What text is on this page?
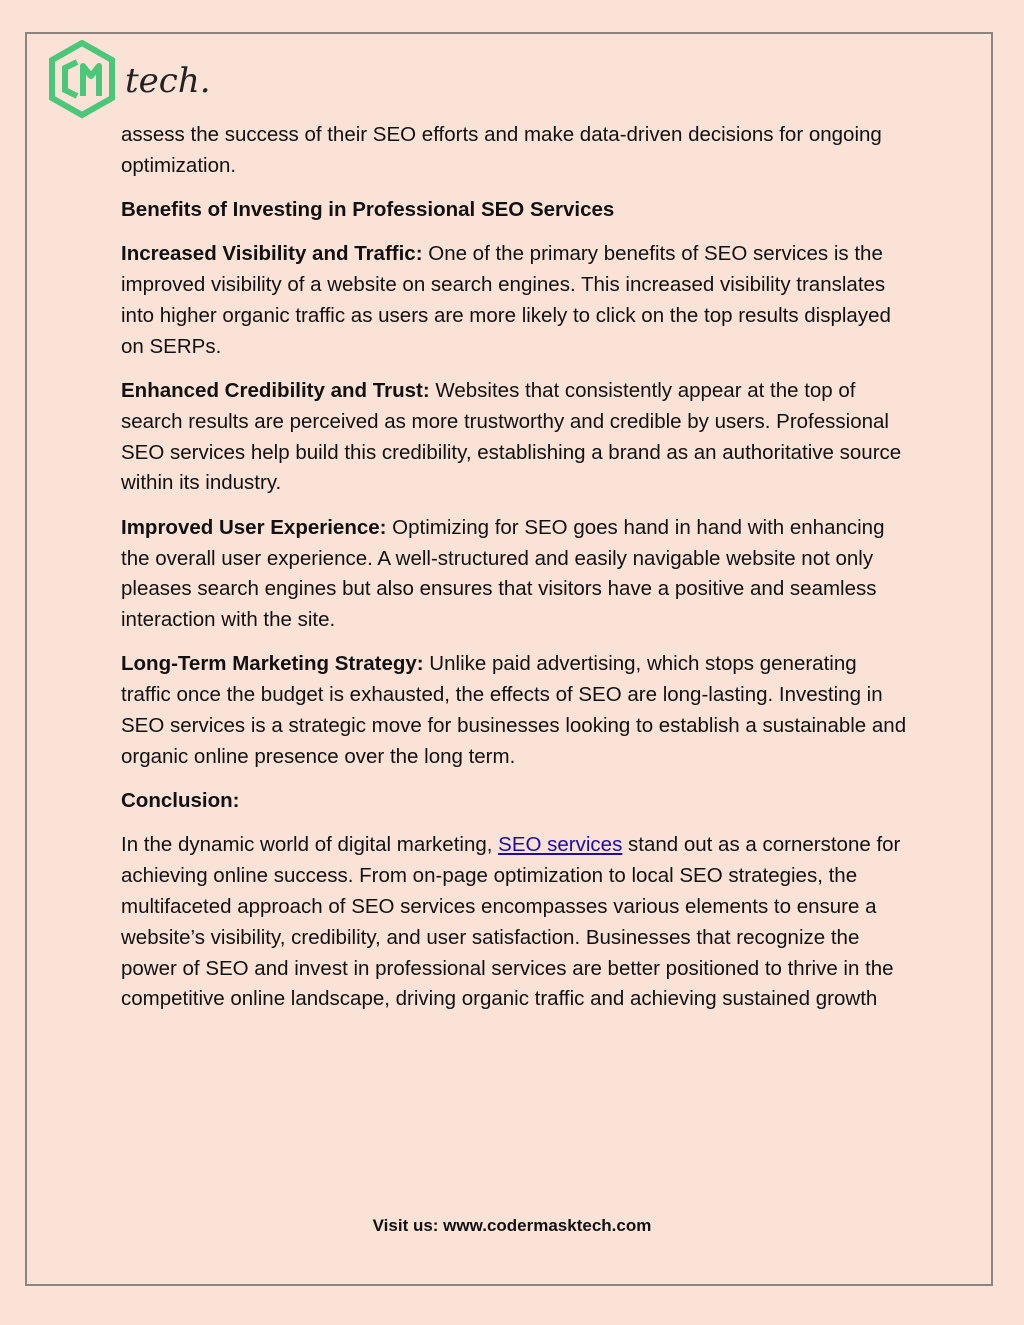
tech.

assess the success of their SEO efforts and make data-driven decisions for ongoing optimization.

Benefits of Investing in Professional SEO Services

Increased Visibility and Traffic: One of the primary benefits of SEO services is the improved visibility of a website on search engines. This increased visibility translates into higher organic traffic as users are more likely to click on the top results displayed on SERPs.

Enhanced Credibility and Trust: Websites that consistently appear at the top of search results are perceived as more trustworthy and credible by users. Professional SEO services help build this credibility, establishing a brand as an authoritative source within its industry.

Improved User Experience: Optimizing for SEO goes hand in hand with enhancing the overall user experience. A well-structured and easily navigable website not only pleases search engines but also ensures that visitors have a positive and seamless interaction with the site.

Long-Term Marketing Strategy: Unlike paid advertising, which stops generating traffic once the budget is exhausted, the effects of SEO are long-lasting. Investing in SEO services is a strategic move for businesses looking to establish a sustainable and organic online presence over the long term.

Conclusion:

In the dynamic world of digital marketing, SEO services stand out as a cornerstone for achieving online success. From on-page optimization to local SEO strategies, the multifaceted approach of SEO services encompasses various elements to ensure a website’s visibility, credibility, and user satisfaction. Businesses that recognize the power of SEO and invest in professional services are better positioned to thrive in the competitive online landscape, driving organic traffic and achieving sustained growth

Visit us: www.codermasktech.com
